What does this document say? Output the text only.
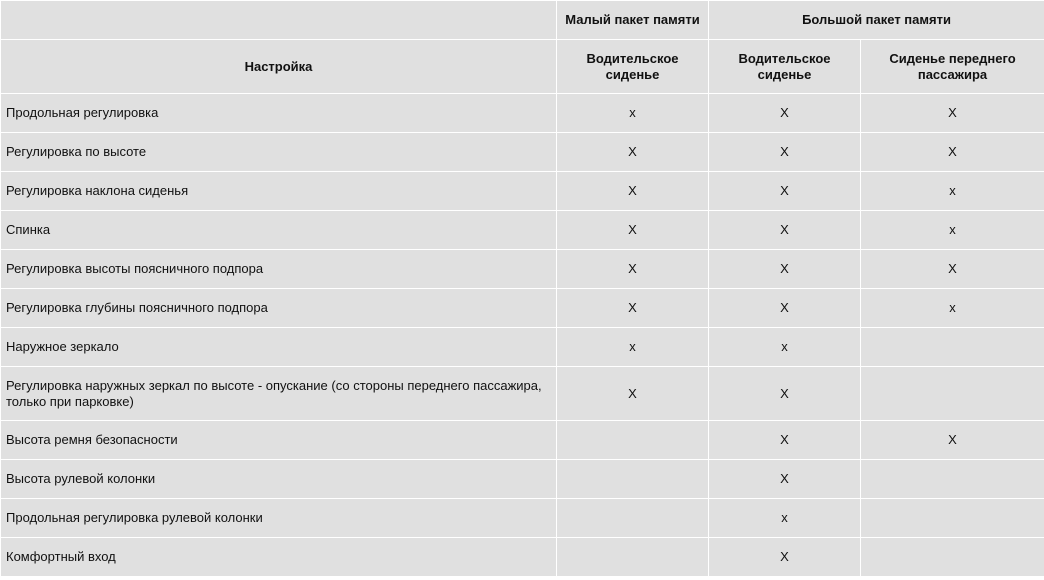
	Малый пакет памяти	Большой пакет памяти	
Настройка	Водительское сиденье	Водительское сиденье	Сиденье переднего пассажира
Продольная регулировка	x	X	X
Регулировка по высоте	X	X	X
Регулировка наклона сиденья	X	X	x
Спинка	X	X	x
Регулировка высоты поясничного подпора	X	X	X
Регулировка глубины поясничного подпора	X	X	x
Наружное зеркало	x	x	
Регулировка наружных зеркал по высоте - опускание (со стороны переднего пассажира, только при парковке)	X	X	
Высота ремня безопасности		X	X
Высота рулевой колонки		X	
Продольная регулировка рулевой колонки		x	
Комфортный вход		X	
